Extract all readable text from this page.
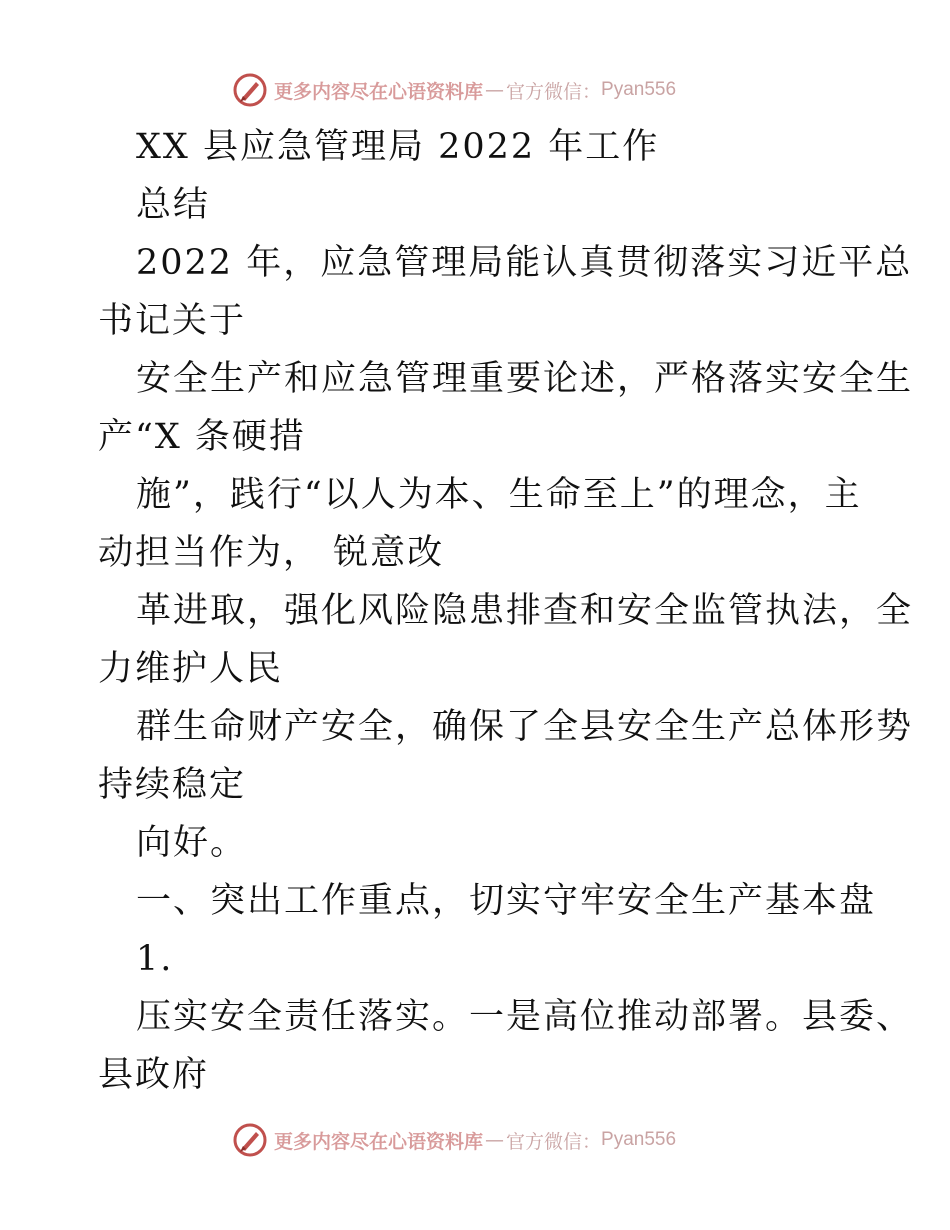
更多内容尽在心语资料库 — 官方微信： Pyan556
XX 县应急管理局 2022 年工作
总结
2022 年，应急管理局能认真贯彻落实习近平总
书记关于
安全生产和应急管理重要论述，严格落实安全生
产“X 条硬措
施”，践行“以人为本、生命至上”的理念，主
动担当作为， 锐意改
革进取，强化风险隐患排查和安全监管执法，全
力维护人民
群生命财产安全，确保了全县安全生产总体形势
持续稳定
向好。
一、突出工作重点，切实守牢安全生产基本盘
1.
压实安全责任落实。一是高位推动部署。县委、
县政府
更多内容尽在心语资料库 — 官方微信： Pyan556
